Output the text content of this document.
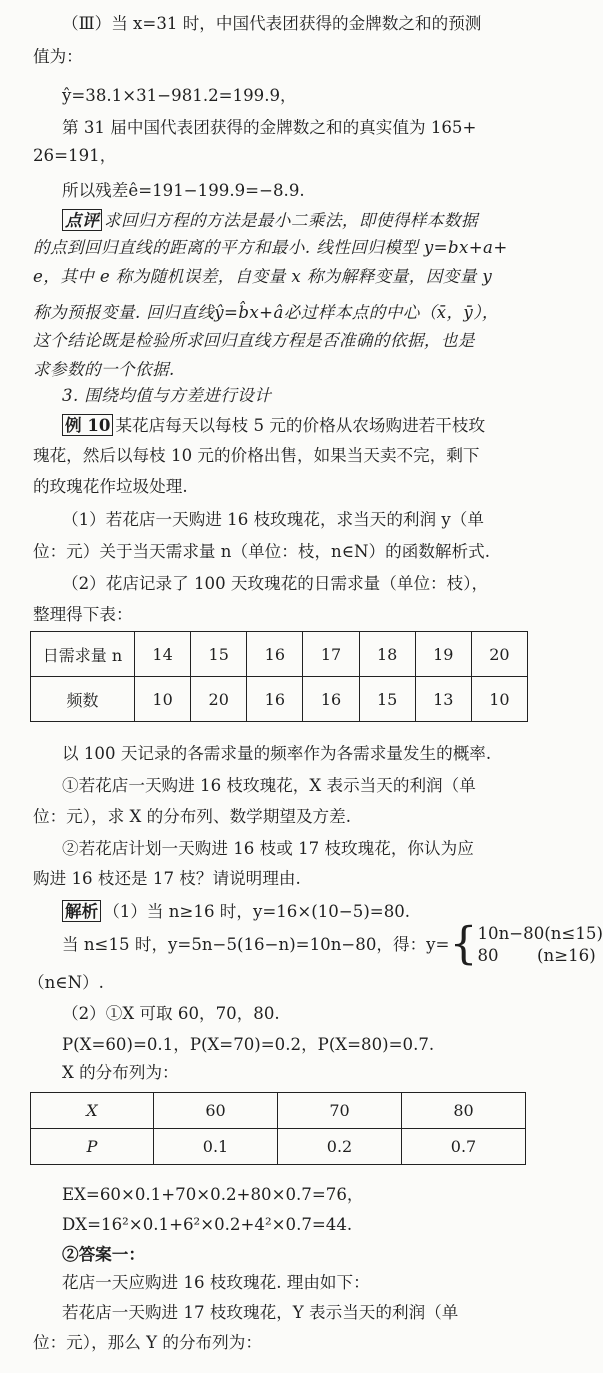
（Ⅲ）当 x=31 时，中国代表团获得的金牌数之和的预测
值为：
ŷ=38.1×31−981.2=199.9，
第 31 届中国代表团获得的金牌数之和的真实值为 165+
26=191，
所以残差ê=191−199.9=−8.9.
点评 求回归方程的方法是最小二乘法，即使得样本数据
的点到回归直线的距离的平方和最小. 线性回归模型 y=bx+a+
e，其中 e 称为随机误差，自变量 x 称为解释变量，因变量 y
称为预报变量. 回归直线ŷ=b̂x+â必过样本点的中心（x̄，ȳ），
这个结论既是检验所求回归直线方程是否准确的依据，也是
求参数的一个依据.
3. 围绕均值与方差进行设计
例 10 某花店每天以每枝 5 元的价格从农场购进若干枝玫
瑰花，然后以每枝 10 元的价格出售，如果当天卖不完，剩下
的玫瑰花作垃圾处理.
（1）若花店一天购进 16 枝玫瑰花，求当天的利润 y（单
位：元）关于当天需求量 n（单位：枝，n∈N）的函数解析式.
（2）花店记录了 100 天玫瑰花的日需求量（单位：枝），
整理得下表：
日需求量 n	14	15	16	17	18	19	20
频数	10	20	16	16	15	13	10
以 100 天记录的各需求量的频率作为各需求量发生的概率.
①若花店一天购进 16 枝玫瑰花，X 表示当天的利润（单
位：元），求 X 的分布列、数学期望及方差.
②若花店计划一天购进 16 枝或 17 枝玫瑰花，你认为应
购进 16 枝还是 17 枝？请说明理由.
解析 （1）当 n≥16 时，y=16×(10−5)=80.
当 n≤15 时，y=5n−5(16−n)=10n−80，得：y={ 10n−80(n≤15)
80　　 (n≥16)
（n∈N）.
（2）①X 可取 60，70，80.
P(X=60)=0.1，P(X=70)=0.2，P(X=80)=0.7.
X 的分布列为：
X	60	70	80
P	0.1	0.2	0.7
EX=60×0.1+70×0.2+80×0.7=76，
DX=16²×0.1+6²×0.2+4²×0.7=44.
②答案一：
花店一天应购进 16 枝玫瑰花. 理由如下：
若花店一天购进 17 枝玫瑰花，Y 表示当天的利润（单
位：元），那么 Y 的分布列为：
